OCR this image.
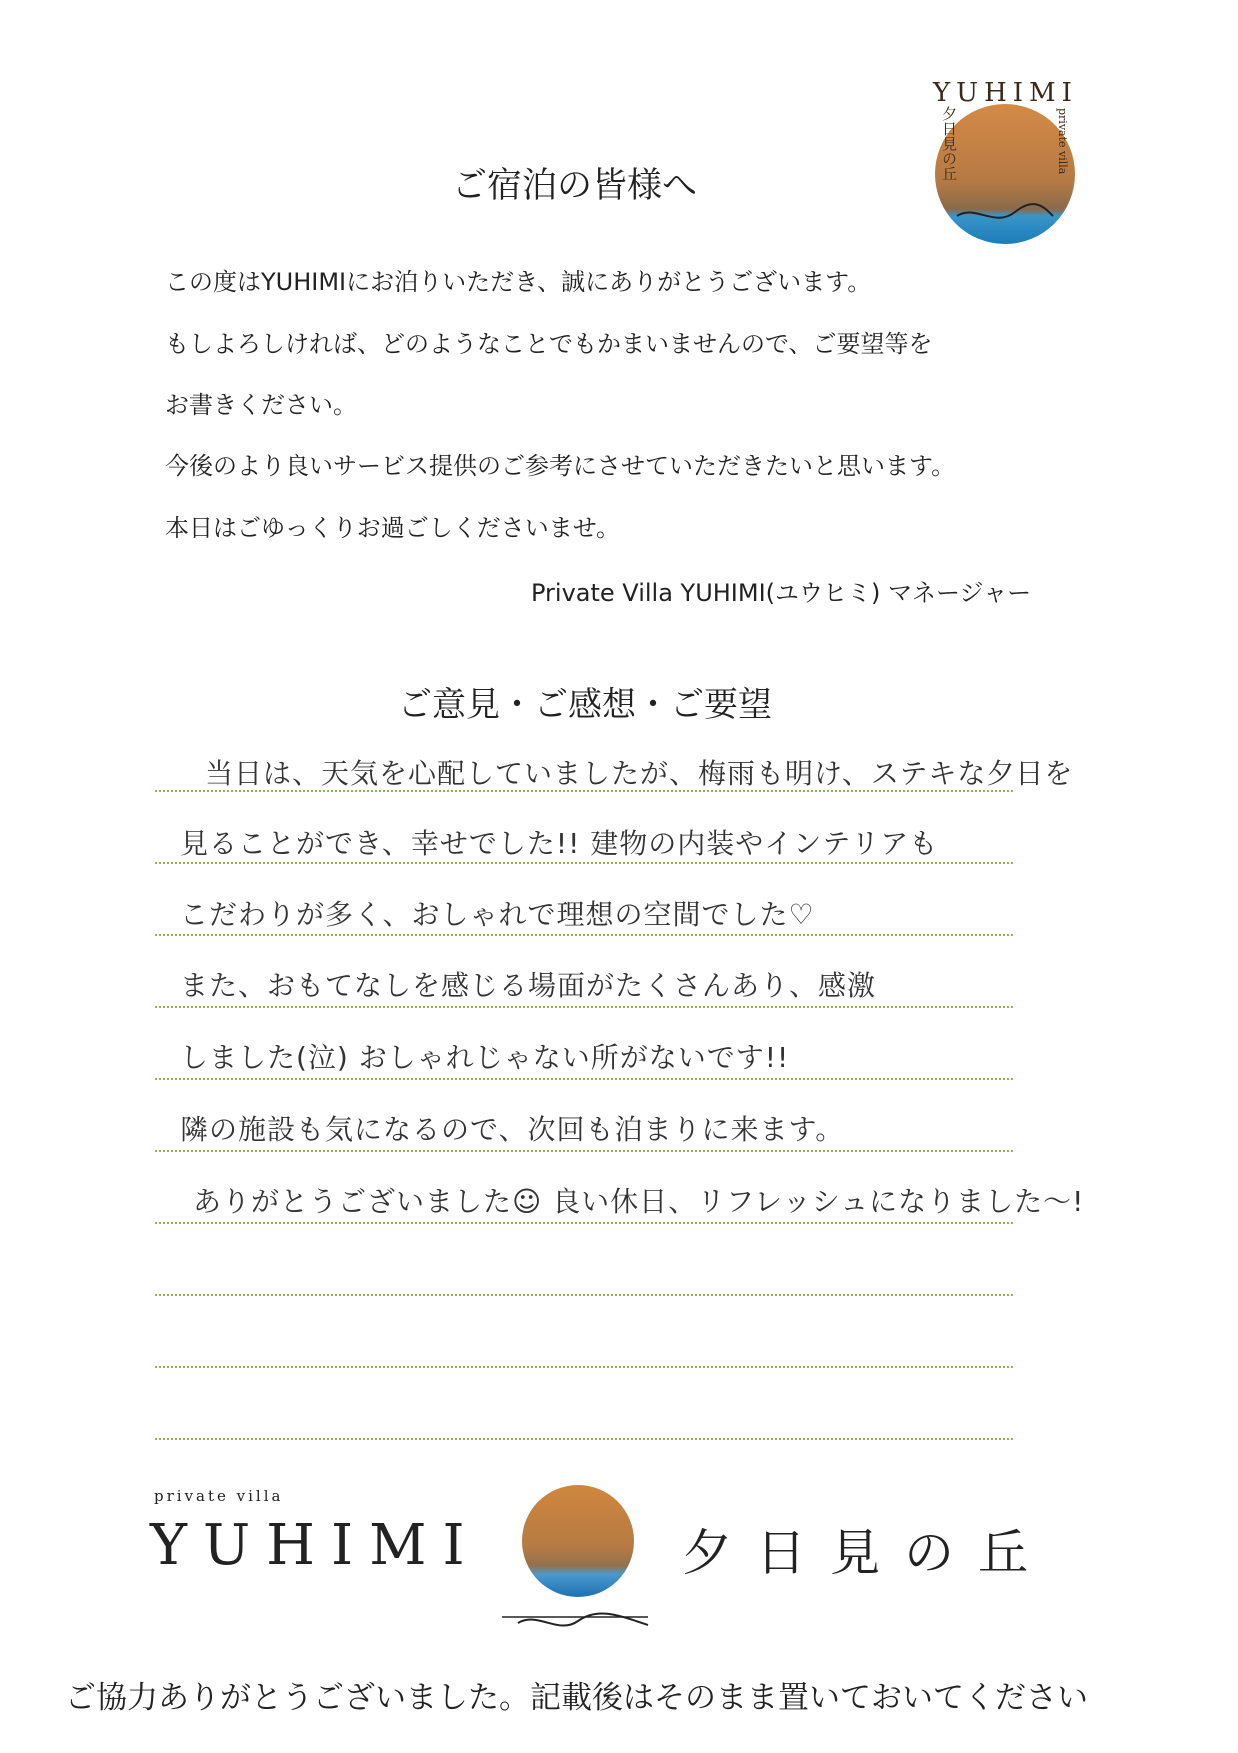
YUHIMI
夕日見の丘	private villa
ご宿泊の皆様へ
この度はYUHIMIにお泊りいただき、誠にありがとうございます。
もしよろしければ、どのようなことでもかまいませんので、ご要望等を
お書きください。
今後のより良いサービス提供のご参考にさせていただきたいと思います。
本日はごゆっくりお過ごしくださいませ。
Private Villa YUHIMI(ユウヒミ) マネージャー
ご意見・ご感想・ご要望
当日は、天気を心配していましたが、梅雨も明け、ステキな夕日を
見ることができ、幸せでした!! 建物の内装やインテリアも
こだわりが多く、おしゃれで理想の空間でした♡
また、おもてなしを感じる場面がたくさんあり、感激
しました(泣) おしゃれじゃない所がないです!!
隣の施設も気になるので、次回も泊まりに来ます。
ありがとうございました☺ 良い休日、リフレッシュになりました〜!
private villa
YUHIMI	夕日見の丘
ご協力ありがとうございました。記載後はそのまま置いておいてください
